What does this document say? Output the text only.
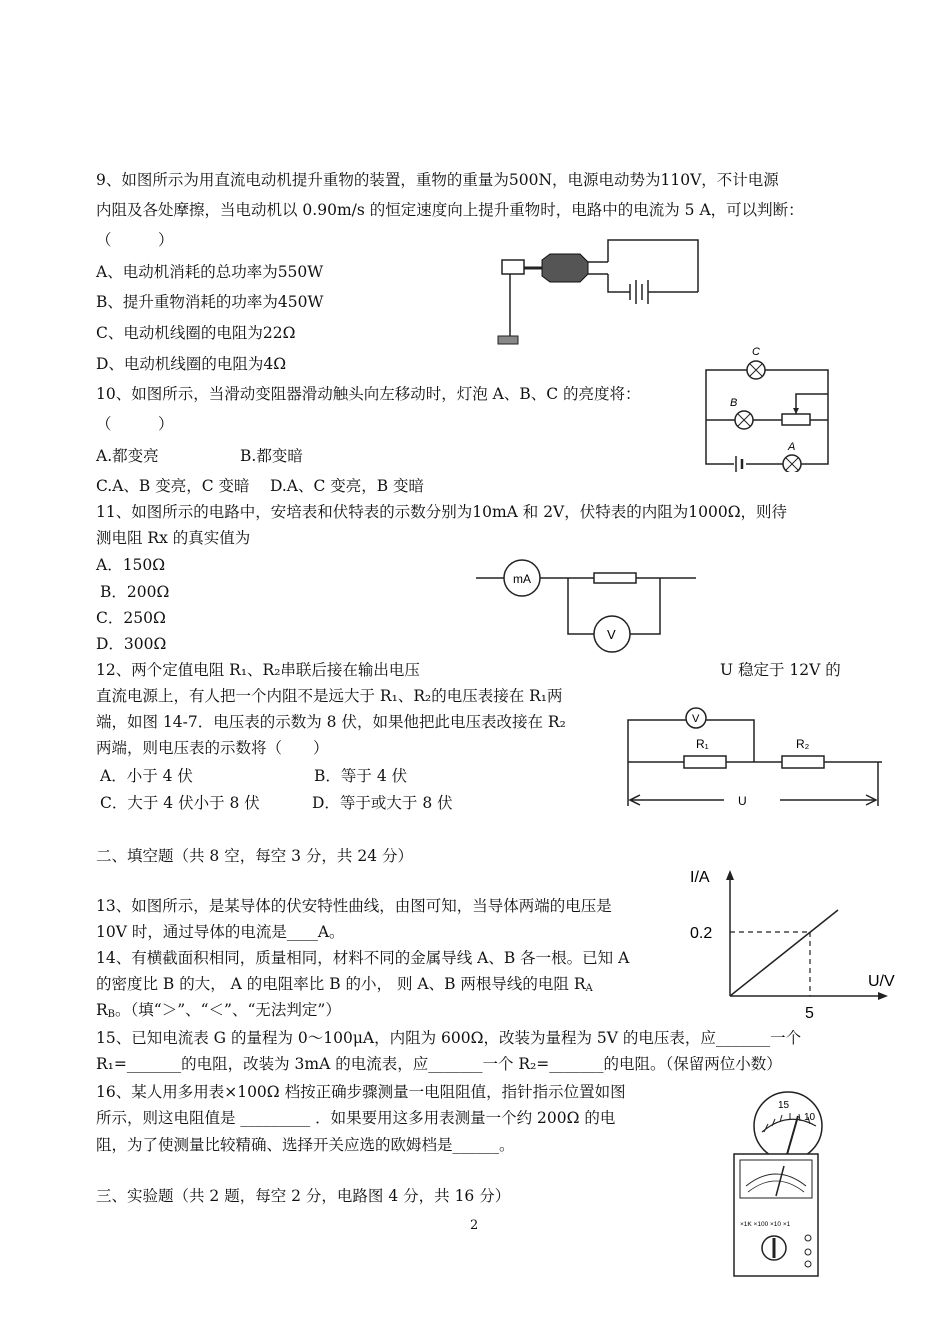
9、如图所示为用直流电动机提升重物的装置，重物的重量为500N，电源电动势为110V，不计电源
内阻及各处摩擦，当电动机以 0.90m/s 的恒定速度向上提升重物时，电路中的电流为 5 A，可以判断：
（　　　）
A、电动机消耗的总功率为550W
B、提升重物消耗的功率为450W
C、电动机线圈的电阻为22Ω
D、电动机线圈的电阻为4Ω
10、如图所示，当滑动变阻器滑动触头向左移动时，灯泡 A、B、C 的亮度将：
（　　　）
A.都变亮	B.都变暗
C.A、B 变亮，C 变暗　 D.A、C 变亮，B 变暗
C
B
A
11、如图所示的电路中，安培表和伏特表的示数分别为10mA 和 2V，伏特表的内阻为1000Ω，则待
测电阻 Rx 的真实值为
A．150Ω
B．200Ω
C．250Ω
D．300Ω
mA
V
12、两个定值电阻 R₁、R₂串联后接在输出电压	U 稳定于 12V 的
直流电源上，有人把一个内阻不是远大于 R₁、R₂的电压表接在 R₁两
端，如图 14-7．电压表的示数为 8 伏，如果他把此电压表改接在 R₂
两端，则电压表的示数将（　　）
A．小于 4 伏	B．等于 4 伏
C．大于 4 伏小于 8 伏	D．等于或大于 8 伏
R₁	R₂
V
U
二、填空题（共 8 空，每空 3 分，共 24 分）
13、如图所示，是某导体的伏安特性曲线，由图可知，当导体两端的电压是
10V 时，通过导体的电流是____A。
I/A
U/V
0.2
5
14、有横截面积相同，质量相同，材料不同的金属导线 A、B 各一根。已知 A
的密度比 B 的大， A 的电阻率比 B 的小， 则 A、B 两根导线的电阻 $R_A$
$R_B$。（填“＞”、“＜”、“无法判定”）
15、已知电流表 G 的量程为 0～100μA，内阻为 600Ω，改装为量程为 5V 的电压表，应_______一个
R₁=_______的电阻，改装为 3mA 的电流表，应_______一个 R₂=_______的电阻。（保留两位小数）
16、某人用多用表×100Ω 档按正确步骤测量一电阻阻值，指针指示位置如图
所示，则这电阻值是 _________ ．如果要用这多用表测量一个约 200Ω 的电
阻，为了使测量比较精确、选择开关应选的欧姆档是______。
15
10
×1K ×100 ×10 ×1
三、实验题（共 2 题，每空 2 分，电路图 4 分，共 16 分）
2
